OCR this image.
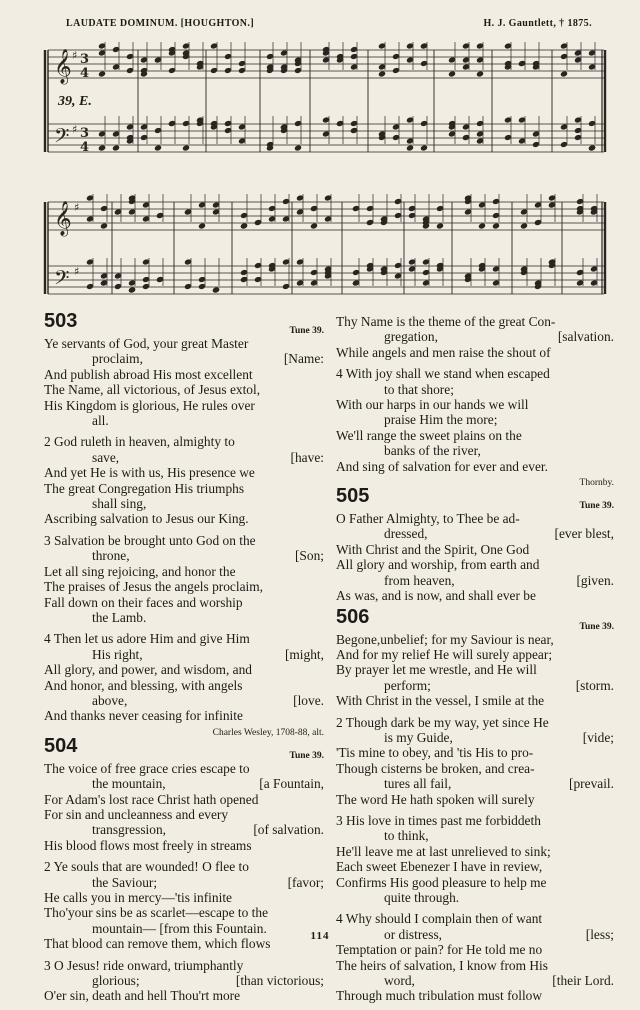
LAUDATE DOMINUM. [HOUGHTON.]	H. J. Gauntlett, † 1875.
𝄞 3
4
♯
𝄢 3
4
♯
39, E.
𝄞 ♯
𝄢 ♯
503	Tune 39.
Ye servants of God, your great Master
proclaim,	[Name:
And publish abroad His most excellent
The Name, all victorious, of Jesus extol,
His Kingdom is glorious, He rules over
all.
2 God ruleth in heaven, almighty to
save,	[have:
And yet He is with us, His presence we
The great Congregation His triumphs
shall sing,
Ascribing salvation to Jesus our King.
3 Salvation be brought unto God on the
throne,	[Son;
Let all sing rejoicing, and honor the
The praises of Jesus the angels proclaim,
Fall down on their faces and worship
the Lamb.
4 Then let us adore Him and give Him
His right,	[might,
All glory, and power, and wisdom, and
And honor, and blessing, with angels
above,	[love.
And thanks never ceasing for infinite
Charles Wesley, 1708-88, alt.
504	Tune 39.
The voice of free grace cries escape to
the mountain,	[a Fountain,
For Adam's lost race Christ hath opened
For sin and uncleanness and every
transgression,	[of salvation.
His blood flows most freely in streams
2 Ye souls that are wounded! O flee to
the Saviour;	[favor;
He calls you in mercy—'tis infinite
Tho'your sins be as scarlet—escape to the
mountain— [from this Fountain.
That blood can remove them, which flows
3 O Jesus! ride onward, triumphantly
glorious;	[than victorious;
O'er sin, death and hell Thou'rt more
Thy Name is the theme of the great Con-
gregation,	[salvation.
While angels and men raise the shout of
4 With joy shall we stand when escaped
to that shore;
With our harps in our hands we will
praise Him the more;
We'll range the sweet plains on the
banks of the river,
And sing of salvation for ever and ever.
Thornby.
505	Tune 39.
O Father Almighty, to Thee be ad-
dressed,	[ever blest,
With Christ and the Spirit, One God
All glory and worship, from earth and
from heaven,	[given.
As was, and is now, and shall ever be
506	Tune 39.
Begone,unbelief; for my Saviour is near,
And for my relief He will surely appear;
By prayer let me wrestle, and He will
perform;	[storm.
With Christ in the vessel, I smile at the
2 Though dark be my way, yet since He
is my Guide,	[vide;
'Tis mine to obey, and 'tis His to pro-
Though cisterns be broken, and crea-
tures all fail,	[prevail.
The word He hath spoken will surely
3 His love in times past me forbiddeth
to think,
He'll leave me at last unrelieved to sink;
Each sweet Ebenezer I have in review,
Confirms His good pleasure to help me
quite through.
4 Why should I complain then of want
or distress,	[less;
Temptation or pain? for He told me no
The heirs of salvation, I know from His
word,	[their Lord.
Through much tribulation must follow
114
